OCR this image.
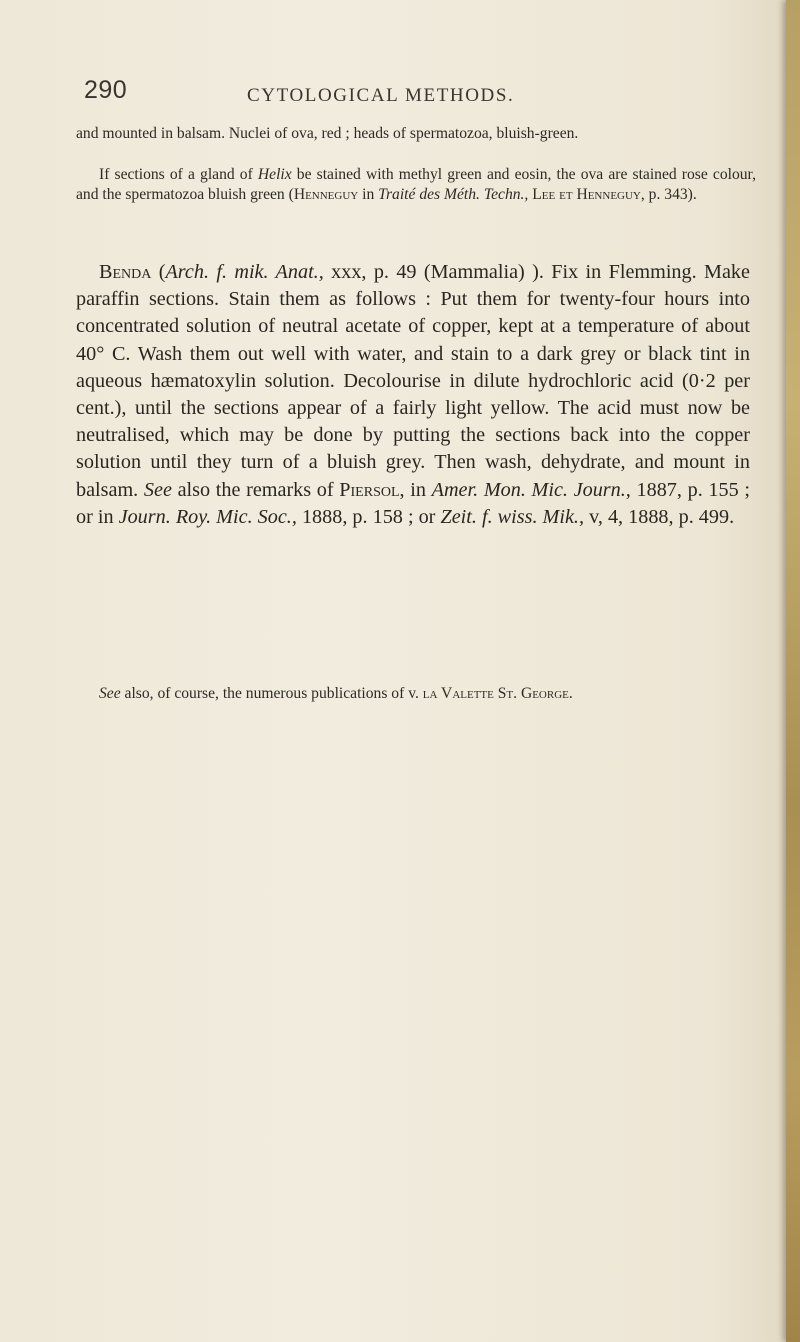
290	CYTOLOGICAL METHODS.
and mounted in balsam. Nuclei of ova, red ; heads of spermatozoa, bluish-green.
If sections of a gland of Helix be stained with methyl green and eosin, the ova are stained rose colour, and the spermatozoa bluish green (Henneguy in Traité des Méth. Techn., Lee et Henneguy, p. 343).
Benda (Arch. f. mik. Anat., xxx, p. 49 (Mammalia) ). Fix in Flemming. Make paraffin sections. Stain them as follows : Put them for twenty-four hours into concentrated solution of neutral acetate of copper, kept at a temperature of about 40° C. Wash them out well with water, and stain to a dark grey or black tint in aqueous hæmatoxylin solution. Decolourise in dilute hydrochloric acid (0·2 per cent.), until the sections appear of a fairly light yellow. The acid must now be neutralised, which may be done by putting the sections back into the copper solution until they turn of a bluish grey. Then wash, dehydrate, and mount in balsam. See also the remarks of Piersol, in Amer. Mon. Mic. Journ., 1887, p. 155 ; or in Journ. Roy. Mic. Soc., 1888, p. 158 ; or Zeit. f. wiss. Mik., v, 4, 1888, p. 499.
See also, of course, the numerous publications of v. la Valette St. George.
